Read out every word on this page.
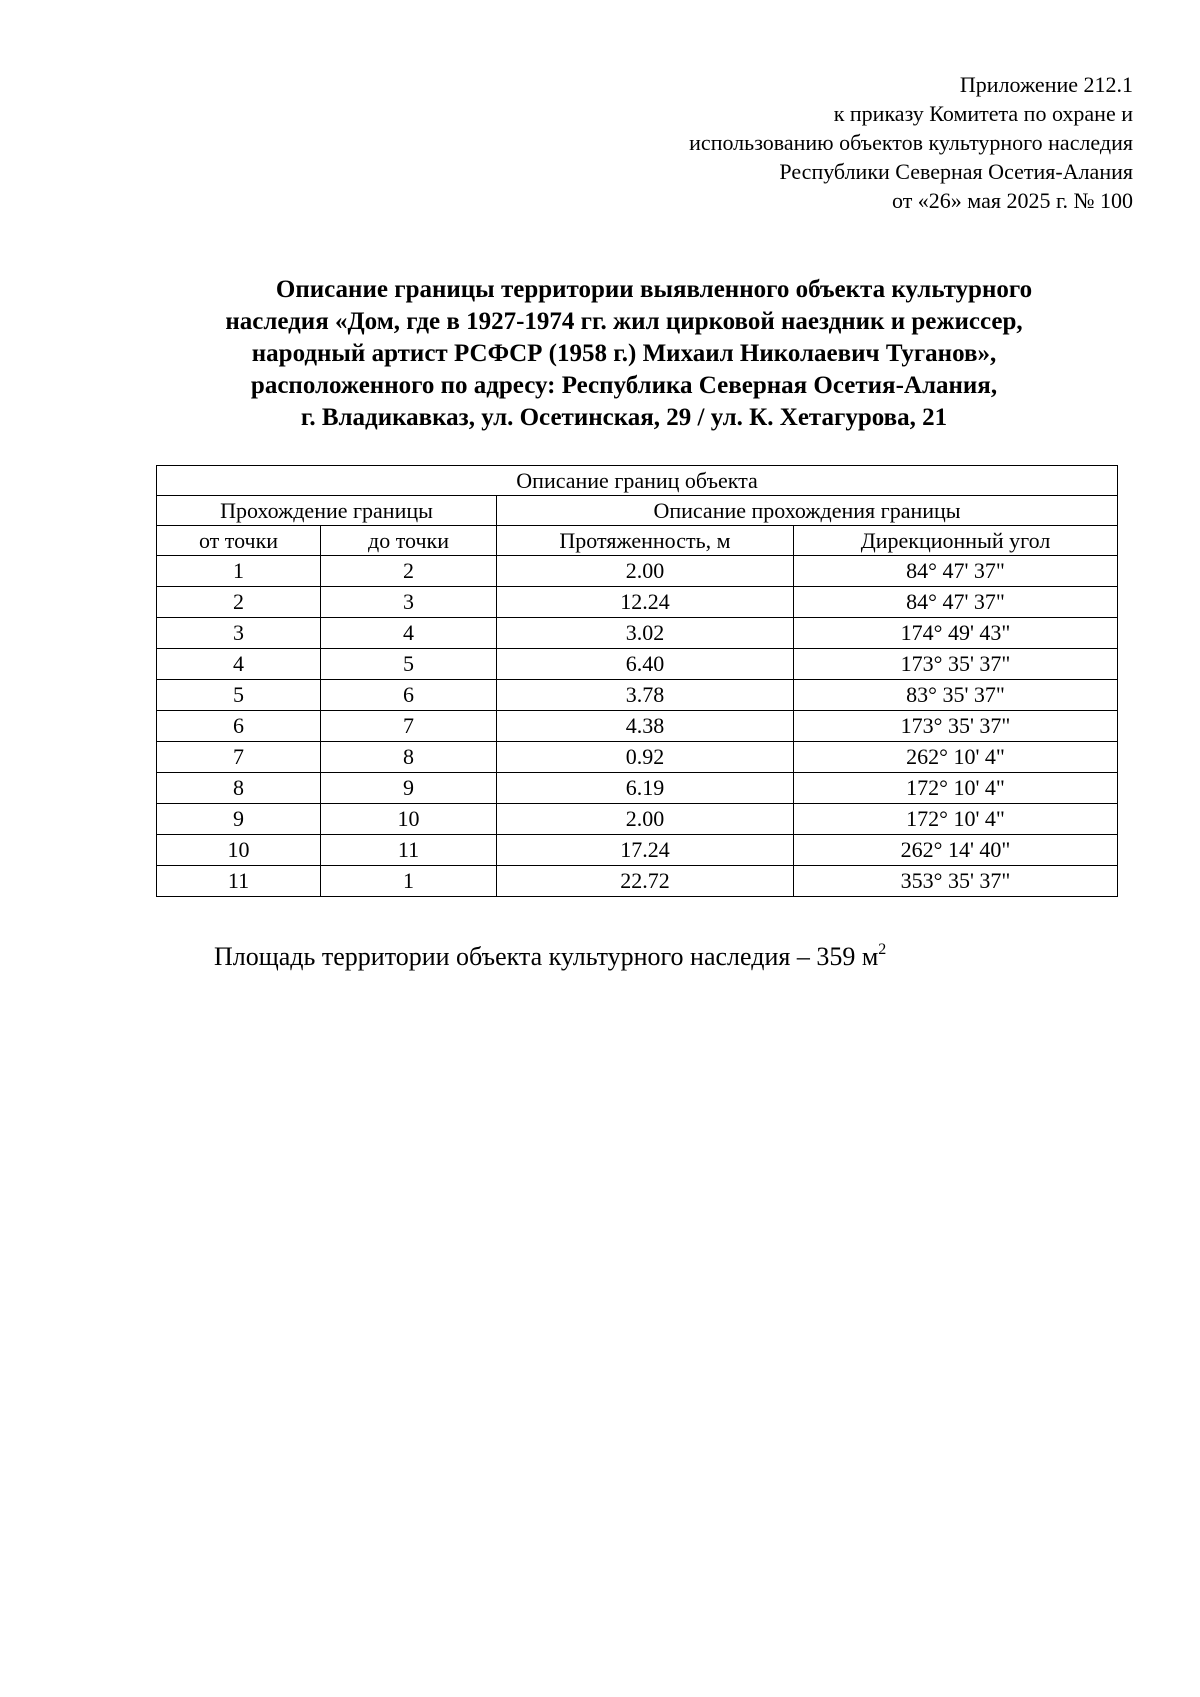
Приложение 212.1
к приказу Комитета по охране и
использованию объектов культурного наследия
Республики Северная Осетия-Алания
от «26» мая 2025 г. № 100
Описание границы территории выявленного объекта культурного
наследия «Дом, где в 1927-1974 гг. жил цирковой наездник и режиссер,
народный артист РСФСР (1958 г.) Михаил Николаевич Туганов»,
расположенного по адресу: Республика Северная Осетия-Алания,
г. Владикавказ, ул. Осетинская, 29 / ул. К. Хетагурова, 21
Описание границ объекта			
Прохождение границы		Описание прохождения границы	
от точки	до точки	Протяженность, м	Дирекционный угол
1	2	2.00	84° 47' 37"
2	3	12.24	84° 47' 37"
3	4	3.02	174° 49' 43"
4	5	6.40	173° 35' 37"
5	6	3.78	83° 35' 37"
6	7	4.38	173° 35' 37"
7	8	0.92	262° 10' 4"
8	9	6.19	172° 10' 4"
9	10	2.00	172° 10' 4"
10	11	17.24	262° 14' 40"
11	1	22.72	353° 35' 37"
Площадь территории объекта культурного наследия – 359 $м^2$
